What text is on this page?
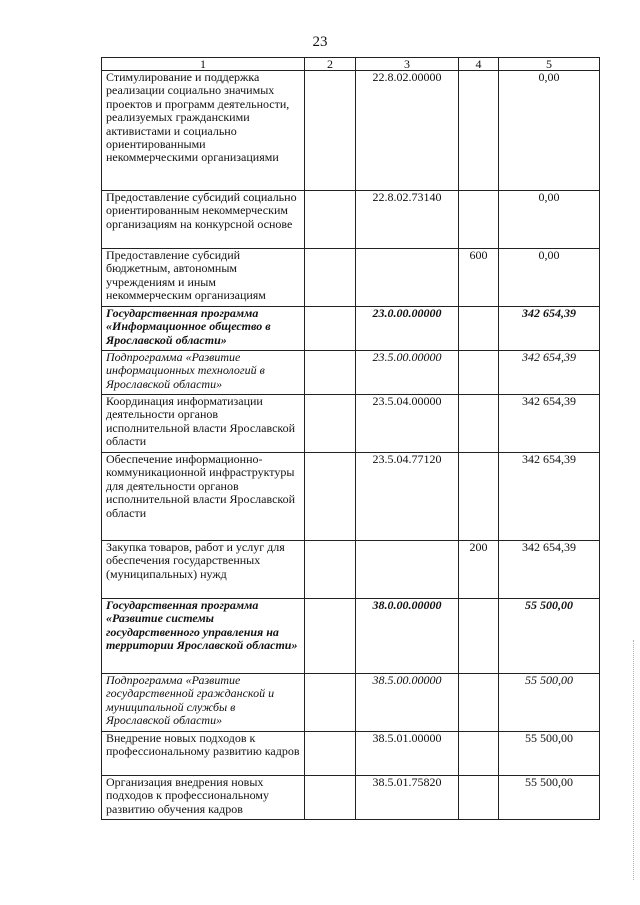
23
1	2	3	4	5
Стимулирование и поддержка реализации социально значимых проектов и программ деятельности, реализуемых гражданскими активистами и социально ориентированными некоммерческими организациями		22.8.02.00000		0,00
Предоставление субсидий социально ориентированным некоммерческим организациям на конкурсной основе		22.8.02.73140		0,00
Предоставление субсидий бюджетным, автономным учреждениям и иным некоммерческим организациям			600	0,00
Государственная программа «Информационное общество в Ярославской области»		23.0.00.00000		342 654,39
Подпрограмма «Развитие информационных технологий в Ярославской области»		23.5.00.00000		342 654,39
Координация информатизации деятельности органов исполнительной власти Ярославской области		23.5.04.00000		342 654,39
Обеспечение информационно-коммуникационной инфраструктуры для деятельности органов исполнительной власти Ярославской области		23.5.04.77120		342 654,39
Закупка товаров, работ и услуг для обеспечения государственных (муниципальных) нужд			200	342 654,39
Государственная программа «Развитие системы государственного управления на территории Ярославской области»		38.0.00.00000		55 500,00
Подпрограмма «Развитие государственной гражданской и муниципальной службы в Ярославской области»		38.5.00.00000		55 500,00
Внедрение новых подходов к профессиональному развитию кадров		38.5.01.00000		55 500,00
Организация внедрения новых подходов к профессиональному развитию обучения кадров		38.5.01.75820		55 500,00
